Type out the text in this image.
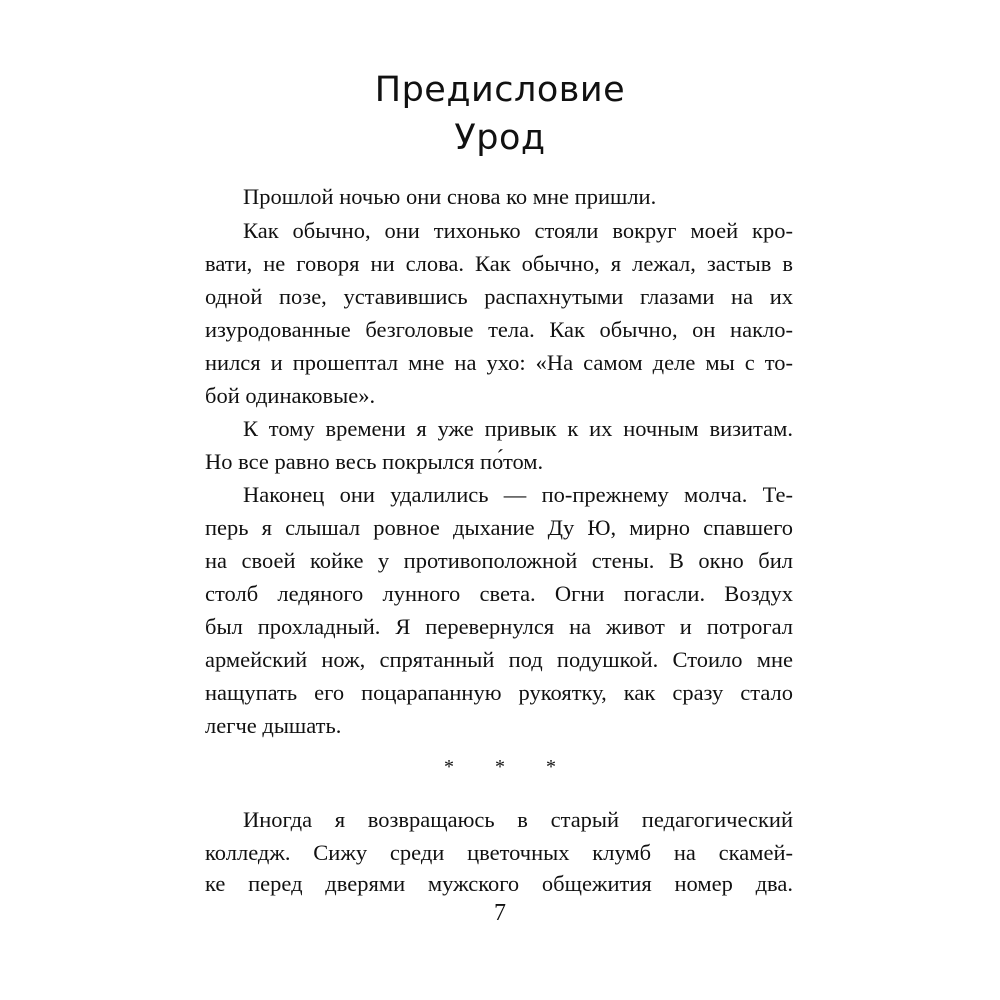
Предисловие
Урод
Прошлой ночью они снова ко мне пришли.
Как обычно, они тихонько стояли вокруг моей кро-
вати, не говоря ни слова. Как обычно, я лежал, застыв в
одной позе, уставившись распахнутыми глазами на их
изуродованные безголовые тела. Как обычно, он накло-
нился и прошептал мне на ухо: «На самом деле мы с то-
бой одинаковые».
К тому времени я уже привык к их ночным визитам.
Но все равно весь покрылся по́том.
Наконец они удалились — по-прежнему молча. Те-
перь я слышал ровное дыхание Ду Ю, мирно спавшего
на своей койке у противоположной стены. В окно бил
столб ледяного лунного света. Огни погасли. Воздух
был прохладный. Я перевернулся на живот и потрогал
армейский нож, спрятанный под подушкой. Стоило мне
нащупать его поцарапанную рукоятку, как сразу стало
легче дышать.
* * *
Иногда я возвращаюсь в старый педагогический
колледж. Сижу среди цветочных клумб на скамей-
ке перед дверями мужского общежития номер два.
7
